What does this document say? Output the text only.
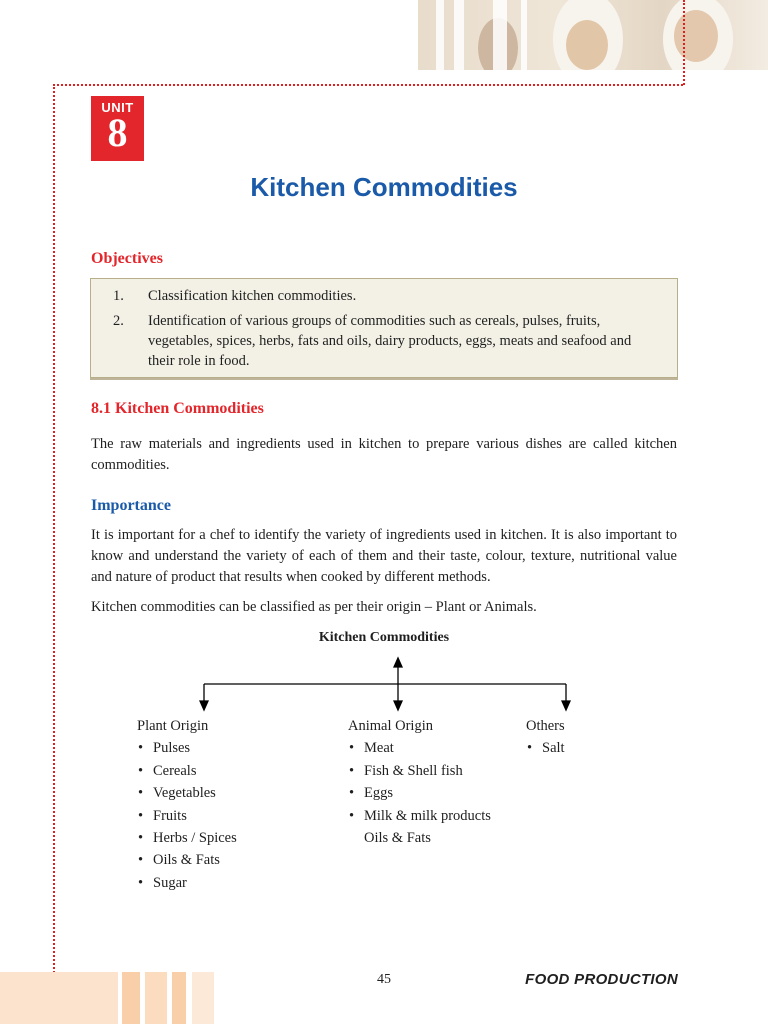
UNIT
8
Kitchen Commodities
Objectives
1.	Classification kitchen commodities.
2.	Identification of various groups of commodities such as cereals, pulses, fruits, vegetables, spices, herbs, fats and oils, dairy products, eggs, meats and seafood and their role in food.
8.1 Kitchen Commodities
The raw materials and ingredients used in kitchen to prepare various dishes are called kitchen commodities.
Importance
It is important for a chef to identify the variety of ingredients used in kitchen. It is also important to know and understand the variety of each of them and their taste, colour, texture, nutritional value and nature of product that results when cooked by different methods.
Kitchen commodities can be classified as per their origin – Plant or Animals.
Kitchen Commodities
Plant Origin
• Pulses
• Cereals
• Vegetables
• Fruits
• Herbs / Spices
• Oils & Fats
• Sugar
Animal Origin
• Meat
• Fish & Shell fish
• Eggs
• Milk & milk products
Oils & Fats
Others
• Salt
45	FOOD PRODUCTION
